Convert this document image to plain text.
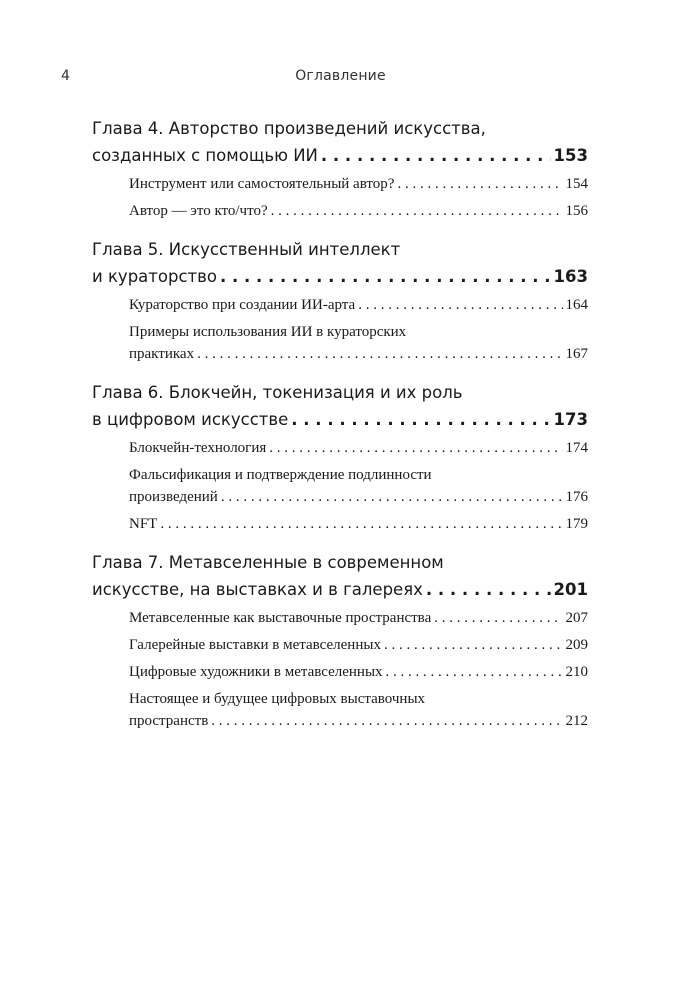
4	Оглавление
Глава 4. Авторство произведений искусства,
созданных с помощью ИИ . . .	153
Инструмент или самостоятельный автор? . . .	154
Автор — это кто/что? . . .	156
Глава 5. Искусственный интеллект
и кураторство . . .	163
Кураторство при создании ИИ-арта . . .	164
Примеры использования ИИ в кураторских
практиках . . .	167
Глава 6. Блокчейн, токенизация и их роль
в цифровом искусстве . . .	173
Блокчейн-технология . . .	174
Фальсификация и подтверждение подлинности
произведений . . .	176
NFT . . .	179
Глава 7. Метавселенные в современном
искусстве, на выставках и в галереях . . .	201
Метавселенные как выставочные пространства . . .	207
Галерейные выставки в метавселенных . . .	209
Цифровые художники в метавселенных . . .	210
Настоящее и будущее цифровых выставочных
пространств . . .	212
